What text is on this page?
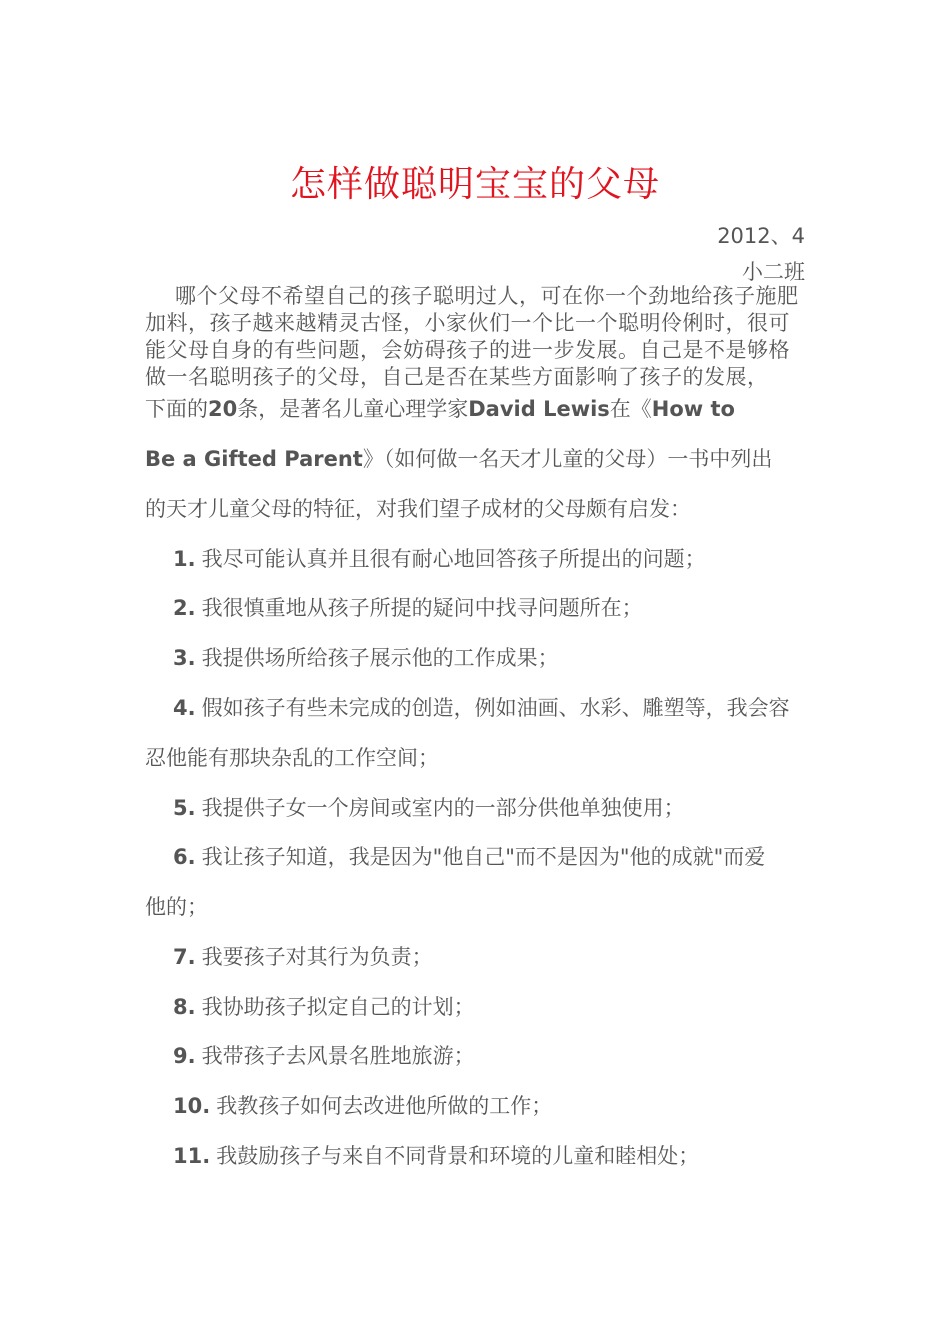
怎样做聪明宝宝的父母
2012、4
小二班
哪个父母不希望自己的孩子聪明过人，可在你一个劲地给孩子施肥加料，孩子越来越精灵古怪，小家伙们一个比一个聪明伶俐时，很可能父母自身的有些问题，会妨碍孩子的进一步发展。自己是不是够格做一名聪明孩子的父母，自己是否在某些方面影响了孩子的发展，
下面的20条，是著名儿童心理学家David Lewis在《How to
Be a Gifted Parent》（如何做一名天才儿童的父母）一书中列出
的天才儿童父母的特征，对我们望子成材的父母颇有启发：
1. 我尽可能认真并且很有耐心地回答孩子所提出的问题；
2. 我很慎重地从孩子所提的疑问中找寻问题所在；
3. 我提供场所给孩子展示他的工作成果；
4. 假如孩子有些未完成的创造，例如油画、水彩、雕塑等，我会容
忍他能有那块杂乱的工作空间；
5. 我提供子女一个房间或室内的一部分供他单独使用；
6. 我让孩子知道，我是因为"他自己"而不是因为"他的成就"而爱
他的；
7. 我要孩子对其行为负责；
8. 我协助孩子拟定自己的计划；
9. 我带孩子去风景名胜地旅游；
10. 我教孩子如何去改进他所做的工作；
11. 我鼓励孩子与来自不同背景和环境的儿童和睦相处；
